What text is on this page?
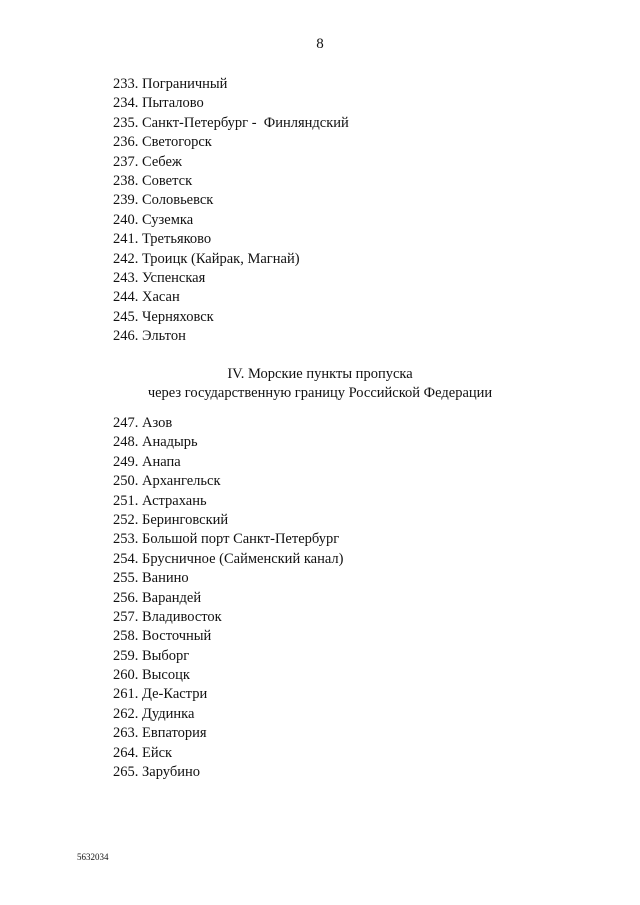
8
233. Пограничный
234. Пыталово
235. Санкт-Петербург -  Финляндский
236. Светогорск
237. Себеж
238. Советск
239. Соловьевск
240. Суземка
241. Третьяково
242. Троицк (Кайрак, Магнай)
243. Успенская
244. Хасан
245. Черняховск
246. Эльтон
IV. Морские пункты пропуска
через государственную границу Российской Федерации
247. Азов
248. Анадырь
249. Анапа
250. Архангельск
251. Астрахань
252. Беринговский
253. Большой порт Санкт-Петербург
254. Брусничное (Сайменский канал)
255. Ванино
256. Варандей
257. Владивосток
258. Восточный
259. Выборг
260. Высоцк
261. Де-Кастри
262. Дудинка
263. Евпатория
264. Ейск
265. Зарубино
5632034
